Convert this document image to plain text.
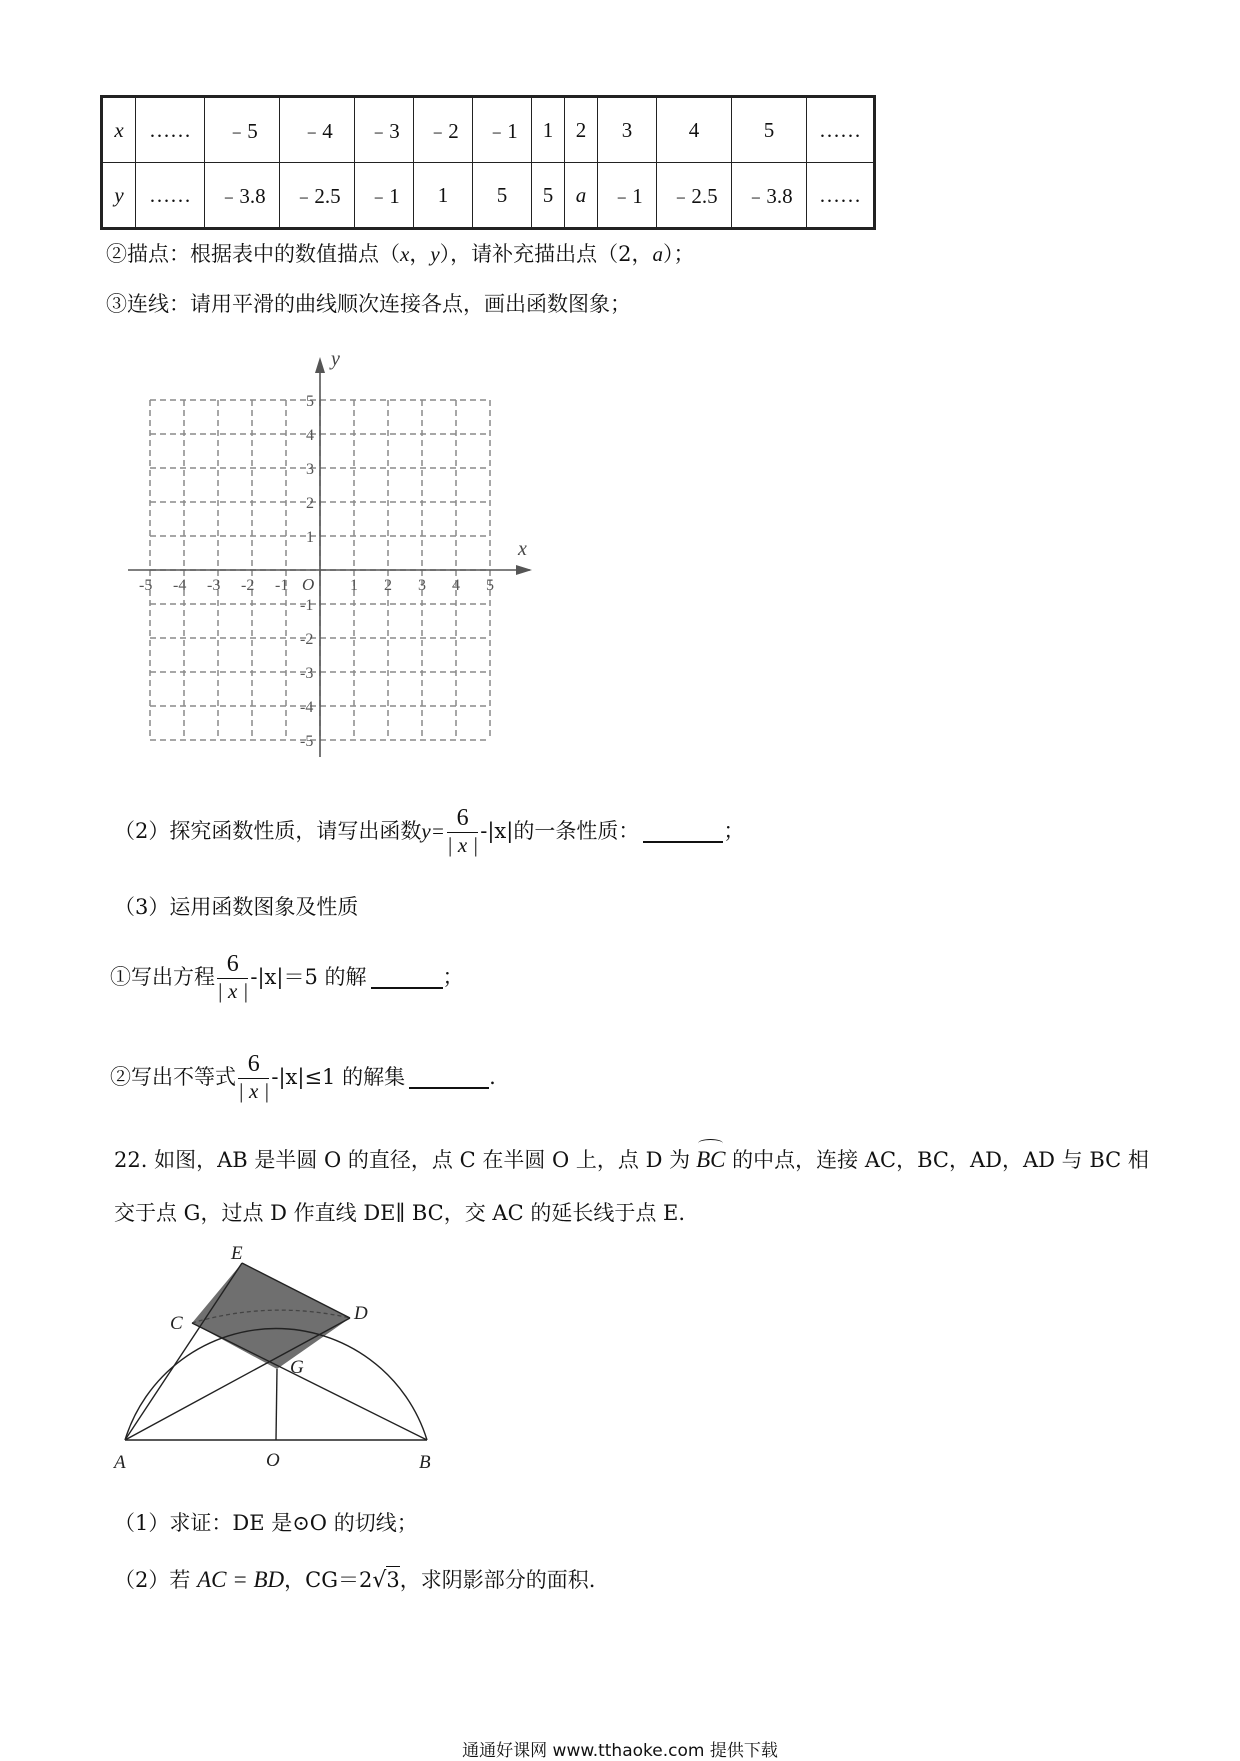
x	……	﹣5	﹣4	﹣3	﹣2	﹣1	1	2	3	4	5	……
y	……	﹣3.8	﹣2.5	﹣1	1	5	5	a	﹣1	﹣2.5	﹣3.8	……
②描点：根据表中的数值描点（x，y），请补充描出点（2，a）；
③连线：请用平滑的曲线顺次连接各点，画出函数图象；
x
y
O
-5 -4 -3 -2 -1	1 2 3 4 5
5
4
3
2
1
-1
-2
-3
-4
-5
（2）探究函数性质，请写出函数 $y= \frac{6}{| x |} -|x|$的一条性质：	；
（3）运用函数图象及性质
①写出方程 $\frac{6}{| x |} -|x|=5$ 的解	；
②写出不等式 $\frac{6}{| x |} -|x|\le 1$ 的解集	.
22. 如图，AB 是半圆 O 的直径，点 C 在半圆 O 上，点 D 为 BC 的中点，连接 AC，BC，AD，AD 与 BC 相
交于点 G，过点 D 作直线 DE∥ BC，交 AC 的延长线于点 E.
E
C	D
G
A	O	B
（1）求证：DE 是⊙O 的切线；
（2）若 AC = BD，CG＝2√3，求阴影部分的面积.
通通好课网 www.tthaoke.com 提供下载
